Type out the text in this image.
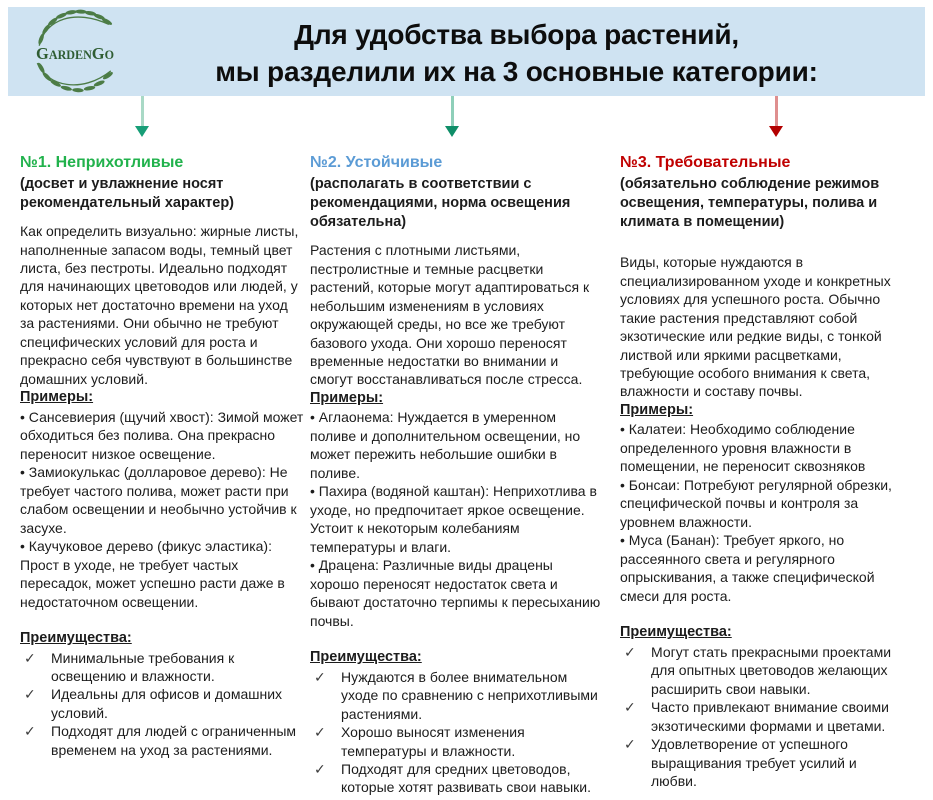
GARDENGO
Для удобства выбора растений,
мы разделили их на 3 основные категории:
№1. Неприхотливые

(досвет и увлажнение носят рекомендательный характер)

Как определить визуально: жирные листы, наполненные запасом воды, темный цвет листа, без пестроты. Идеально подходят для начинающих цветоводов или людей, у которых нет достаточно времени на уход за растениями. Они обычно не требуют специфических условий для роста и прекрасно себя чувствуют в большинстве домашних условий.

Примеры:

• Сансевиерия (щучий хвост): Зимой может обходиться без полива. Она прекрасно переносит низкое освещение.

• Замиокулькас (долларовое дерево): Не требует частого полива, может расти при слабом освещении и необычно устойчив к засухе.

• Каучуковое дерево (фикус эластика): Прост в уходе, не требует частых пересадок, может успешно расти даже в недостаточном освещении.

Преимущества:

✓

Минимальные требования к освещению и влажности.

✓

Идеальны для офисов и домашних условий.

✓

Подходят для людей с ограниченным временем на уход за растениями.

№2. Устойчивые

(располагать в соответствии с рекомендациями, норма освещения обязательна)

Растения с плотными листьями, пестролистные и темные расцветки растений, которые могут адаптироваться к небольшим изменениям в условиях окружающей среды, но все же требуют базового ухода. Они хорошо переносят временные недостатки во внимании и смогут восстанавливаться после стресса.

Примеры:

• Аглаонема: Нуждается в умеренном поливе и дополнительном освещении, но может пережить небольшие ошибки в поливе.

• Пахира (водяной каштан): Неприхотлива в уходе, но предпочитает яркое освещение. Устоит к некоторым колебаниям температуры и влаги.

• Драцена: Различные виды драцены хорошо переносят недостаток света и бывают достаточно терпимы к пересыханию почвы.

Преимущества:

✓

Нуждаются в более внимательном уходе по сравнению с неприхотливыми растениями.

✓

Хорошо выносят изменения температуры и влажности.

✓

Подходят для средних цветоводов, которые хотят развивать свои навыки.

№3. Требовательные

(обязательно соблюдение режимов освещения, температуры, полива и климата в помещении)

Виды, которые нуждаются в специализированном уходе и конкретных условиях для успешного роста. Обычно такие растения представляют собой экзотические или редкие виды, с тонкой листвой или яркими расцветками, требующие особого внимания к света, влажности и составу почвы.

Примеры:

• Калатеи: Необходимо соблюдение определенного уровня влажности в помещении, не переносит сквозняков

• Бонсаи: Потребуют регулярной обрезки, специфической почвы и контроля за уровнем влажности.

• Муса (Банан): Требует яркого, но рассеянного света и регулярного опрыскивания, а также специфической смеси для роста.

Преимущества:

✓

Могут стать прекрасными проектами для опытных цветоводов желающих расширить свои навыки.

✓

Часто привлекают внимание своими экзотическими формами и цветами.

✓

Удовлетворение от успешного выращивания требует усилий и любви.
